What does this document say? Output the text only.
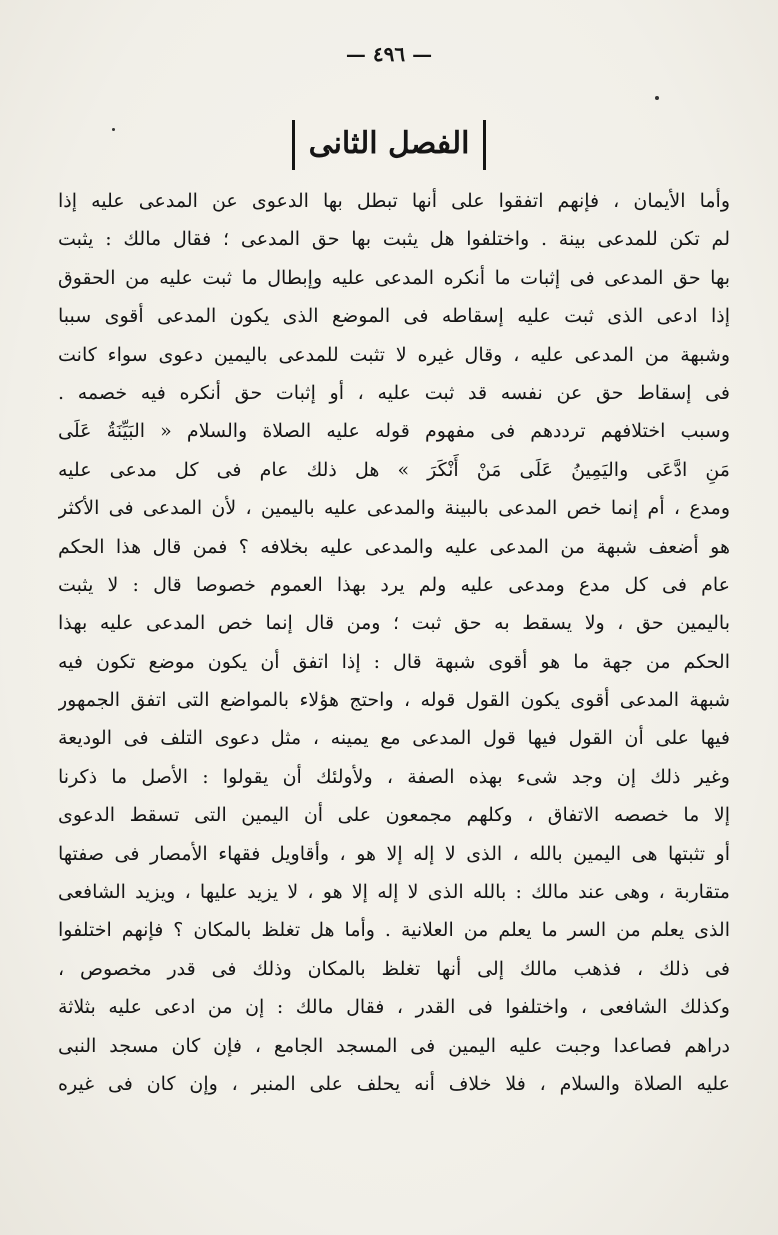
— ٤٩٦ —
الفصل الثانى
وأما الأيمان ، فإنهم اتفقوا على أنها تبطل بها الدعوى عن المدعى عليه إذا
لم تكن للمدعى بينة . واختلفوا هل يثبت بها حق المدعى ؛ فقال مالك : يثبت
بها حق المدعى فى إثبات ما أنكره المدعى عليه وإبطال ما ثبت عليه من الحقوق
إذا ادعى الذى ثبت عليه إسقاطه فى الموضع الذى يكون المدعى أقوى سببا
وشبهة من المدعى عليه ، وقال غيره لا تثبت للمدعى باليمين دعوى سواء كانت
فى إسقاط حق عن نفسه قد ثبت عليه ، أو إثبات حق أنكره فيه خصمه .
وسبب اختلافهم ترددهم فى مفهوم قوله عليه الصلاة والسلام « البَيِّنَةُ عَلَى
مَنِ ادَّعَى واليَمِينُ عَلَى مَنْ أَنْكَرَ » هل ذلك عام فى كل مدعى عليه
ومدع ، أم إنما خص المدعى بالبينة والمدعى عليه باليمين ، لأن المدعى فى الأكثر
هو أضعف شبهة من المدعى عليه والمدعى عليه بخلافه ؟ فمن قال هذا الحكم
عام فى كل مدع ومدعى عليه ولم يرد بهذا العموم خصوصا قال : لا يثبت
باليمين حق ، ولا يسقط به حق ثبت ؛ ومن قال إنما خص المدعى عليه بهذا
الحكم من جهة ما هو أقوى شبهة قال : إذا اتفق أن يكون موضع تكون فيه
شبهة المدعى أقوى يكون القول قوله ، واحتج هؤلاء بالمواضع التى اتفق الجمهور
فيها على أن القول فيها قول المدعى مع يمينه ، مثل دعوى التلف فى الوديعة
وغير ذلك إن وجد شىء بهذه الصفة ، ولأولئك أن يقولوا : الأصل ما ذكرنا
إلا ما خصصه الاتفاق ، وكلهم مجمعون على أن اليمين التى تسقط الدعوى
أو تثبتها هى اليمين بالله ، الذى لا إله إلا هو ، وأقاويل فقهاء الأمصار فى صفتها
متقاربة ، وهى عند مالك : بالله الذى لا إله إلا هو ، لا يزيد عليها ، ويزيد الشافعى
الذى يعلم من السر ما يعلم من العلانية . وأما هل تغلظ بالمكان ؟ فإنهم اختلفوا
فى ذلك ، فذهب مالك إلى أنها تغلظ بالمكان وذلك فى قدر مخصوص ،
وكذلك الشافعى ، واختلفوا فى القدر ، فقال مالك : إن من ادعى عليه بثلاثة
دراهم فصاعدا وجبت عليه اليمين فى المسجد الجامع ، فإن كان مسجد النبى
عليه الصلاة والسلام ، فلا خلاف أنه يحلف على المنبر ، وإن كان فى غيره
